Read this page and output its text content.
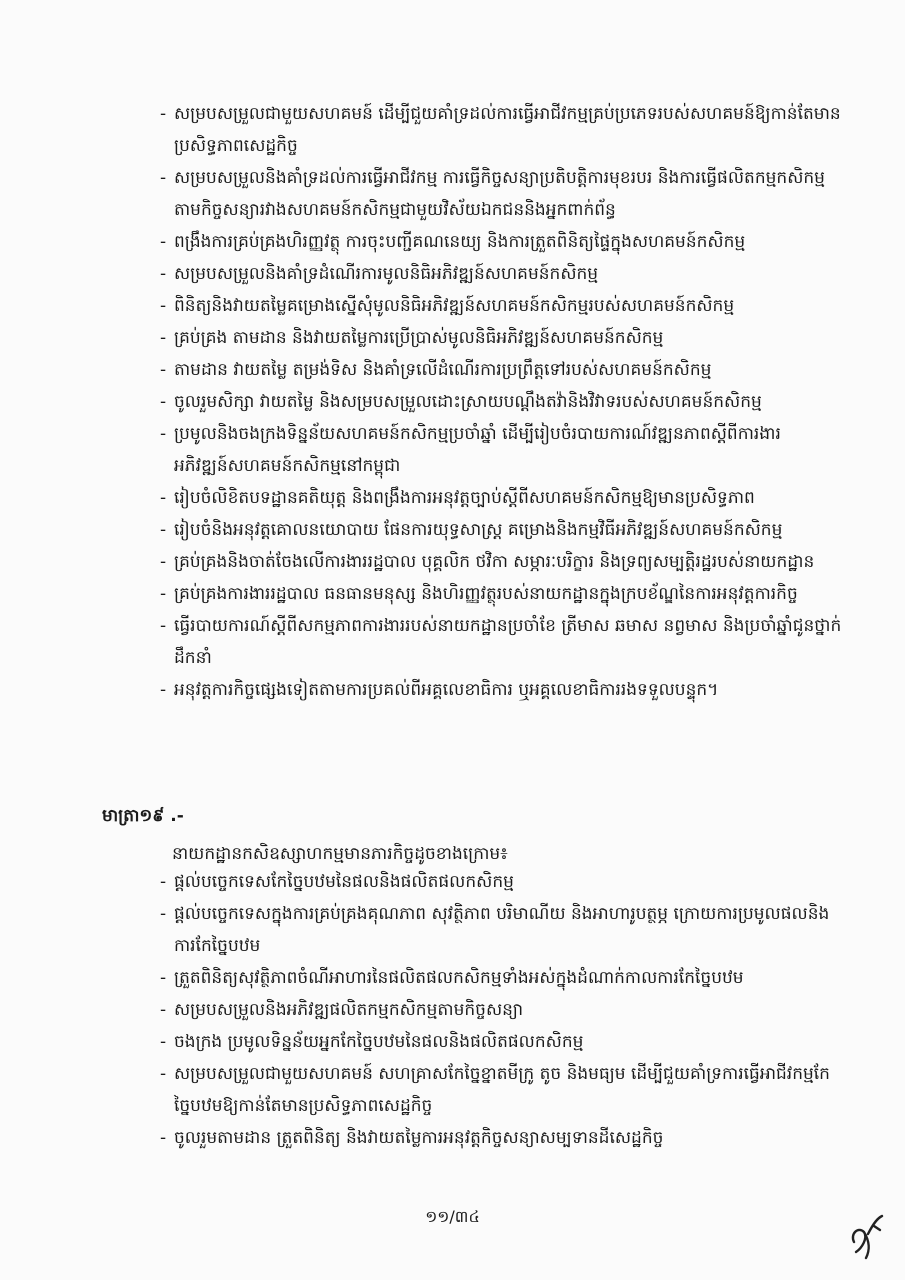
- សម្របសម្រួលជាមួយសហគមន៍ ដើម្បីជួយគាំទ្រដល់ការធ្វើអាជីវកម្មគ្រប់ប្រភេទរបស់សហគមន៍ឱ្យកាន់តែមានប្រសិទ្ធភាពសេដ្ឋកិច្ច
- សម្របសម្រួលនិងគាំទ្រដល់ការធ្វើអាជីវកម្ម ការធ្វើកិច្ចសន្យាប្រតិបត្តិការមុខរបរ និងការធ្វើផលិតកម្មកសិកម្មតាមកិច្ចសន្យារវាងសហគមន៍កសិកម្មជាមួយវិស័យឯកជននិងអ្នកពាក់ព័ន្ធ
- ពង្រឹងការគ្រប់គ្រងហិរញ្ញវត្ថុ ការចុះបញ្ជីគណនេយ្យ និងការត្រួតពិនិត្យផ្ទៃក្នុងសហគមន៍កសិកម្ម
- សម្របសម្រួលនិងគាំទ្រដំណើរការមូលនិធិអភិវឌ្ឍន៍សហគមន៍កសិកម្ម
- ពិនិត្យនិងវាយតម្លៃគម្រោងស្នើសុំមូលនិធិអភិវឌ្ឍន៍សហគមន៍កសិកម្មរបស់សហគមន៍កសិកម្ម
- គ្រប់គ្រង តាមដាន និងវាយតម្លៃការប្រើប្រាស់មូលនិធិអភិវឌ្ឍន៍សហគមន៍កសិកម្ម
- តាមដាន វាយតម្លៃ តម្រង់ទិស និងគាំទ្រលើដំណើរការប្រព្រឹត្តទៅរបស់សហគមន៍កសិកម្ម
- ចូលរួមសិក្សា វាយតម្លៃ និងសម្របសម្រួលដោះស្រាយបណ្តឹងតវ៉ានិងវិវាទរបស់សហគមន៍កសិកម្ម
- ប្រមូលនិងចងក្រងទិន្នន័យសហគមន៍កសិកម្មប្រចាំឆ្នាំ ដើម្បីរៀបចំរបាយការណ៍វឌ្ឍនភាពស្តីពីការងារអភិវឌ្ឍន៍សហគមន៍កសិកម្មនៅកម្ពុជា
- រៀបចំលិខិតបទដ្ឋានគតិយុត្ត និងពង្រឹងការអនុវត្តច្បាប់ស្តីពីសហគមន៍កសិកម្មឱ្យមានប្រសិទ្ធភាព
- រៀបចំនិងអនុវត្តគោលនយោបាយ ផែនការយុទ្ធសាស្ត្រ គម្រោងនិងកម្មវិធីអភិវឌ្ឍន៍សហគមន៍កសិកម្ម
- គ្រប់គ្រងនិងចាត់ចែងលើការងាររដ្ឋបាល បុគ្គលិក ថវិកា សម្ភារៈបរិក្ខារ និងទ្រព្យសម្បត្តិរដ្ឋរបស់នាយកដ្ឋាន
- គ្រប់គ្រងការងាររដ្ឋបាល ធនធានមនុស្ស និងហិរញ្ញវត្ថុរបស់នាយកដ្ឋានក្នុងក្របខ័ណ្ឌនៃការអនុវត្តការកិច្ច
- ធ្វើរបាយការណ៍ស្តីពីសកម្មភាពការងាររបស់នាយកដ្ឋានប្រចាំខែ ត្រីមាស ឆមាស នព្វមាស និងប្រចាំឆ្នាំជូនថ្នាក់ដឹកនាំ
- អនុវត្តការកិច្ចផ្សេងទៀតតាមការប្រគល់ពីអគ្គលេខាធិការ ឬអគ្គលេខាធិការរងទទួលបន្ទុក។
មាត្រា១៩ .-
នាយកដ្ឋានកសិឧស្សាហកម្មមានភារកិច្ចដូចខាងក្រោម៖
- ផ្តល់បច្ចេកទេសកែច្នៃបឋមនៃផលនិងផលិតផលកសិកម្ម
- ផ្តល់បច្ចេកទេសក្នុងការគ្រប់គ្រងគុណភាព សុវត្ថិភាព បរិមាណីយ និងអាហារូបត្ថម្ភ ក្រោយការប្រមូលផលនិងការកែច្នៃបឋម
- ត្រួតពិនិត្យសុវត្ថិភាពចំណីអាហារនៃផលិតផលកសិកម្មទាំងអស់ក្នុងដំណាក់កាលការកែច្នៃបឋម
- សម្របសម្រួលនិងអភិវឌ្ឍផលិតកម្មកសិកម្មតាមកិច្ចសន្យា
- ចងក្រង ប្រមូលទិន្នន័យអ្នកកែច្នៃបឋមនៃផលនិងផលិតផលកសិកម្ម
- សម្របសម្រួលជាមួយសហគមន៍ សហគ្រាសកែច្នៃខ្នាតមីក្រូ តូច និងមធ្យម ដើម្បីជួយគាំទ្រការធ្វើអាជីវកម្មកែច្នៃបឋមឱ្យកាន់តែមានប្រសិទ្ធភាពសេដ្ឋកិច្ច
- ចូលរួមតាមដាន ត្រួតពិនិត្យ និងវាយតម្លៃការអនុវត្តកិច្ចសន្យាសម្បទានដីសេដ្ឋកិច្ច
១១/៣៤
